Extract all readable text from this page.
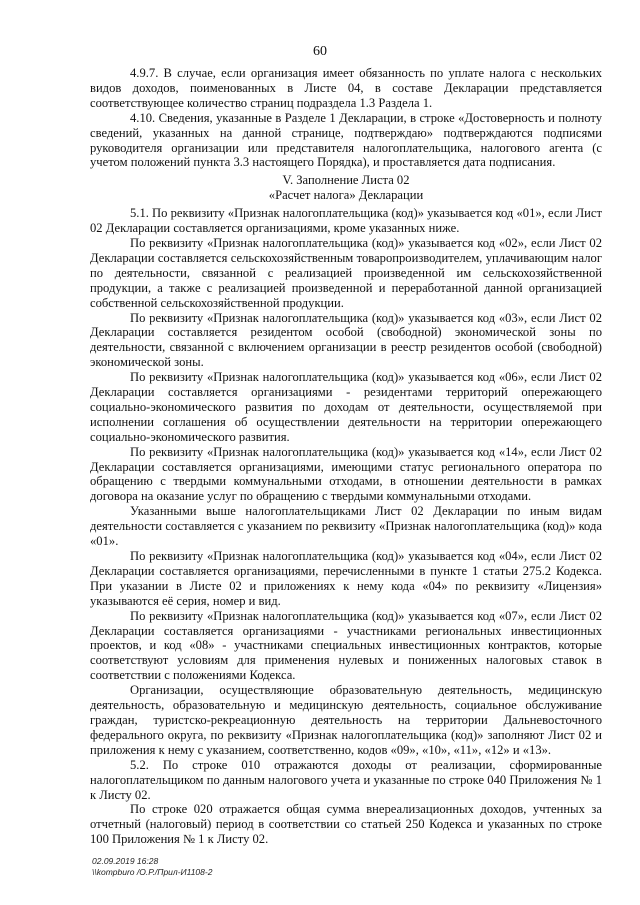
60

4.9.7. В случае, если организация имеет обязанность по уплате налога с нескольких видов доходов, поименованных в Листе 04, в составе Декларации представляется соответствующее количество страниц подраздела 1.3 Раздела 1.

4.10. Сведения, указанные в Разделе 1 Декларации, в строке «Достоверность и полноту сведений, указанных на данной странице, подтверждаю» подтверждаются подписями руководителя организации или представителя налогоплательщика, налогового агента (с учетом положений пункта 3.3 настоящего Порядка), и проставляется дата подписания.

V. Заполнение Листа 02

«Расчет налога» Декларации

5.1. По реквизиту «Признак налогоплательщика (код)» указывается код «01», если Лист 02 Декларации составляется организациями, кроме указанных ниже.

По реквизиту «Признак налогоплательщика (код)» указывается код «02», если Лист 02 Декларации составляется сельскохозяйственным товаропроизводителем, уплачивающим налог по деятельности, связанной с реализацией произведенной им сельскохозяйственной продукции, а также с реализацией произведенной и переработанной данной организацией собственной сельскохозяйственной продукции.

По реквизиту «Признак налогоплательщика (код)» указывается код «03», если Лист 02 Декларации составляется резидентом особой (свободной) экономической зоны по деятельности, связанной с включением организации в реестр резидентов особой (свободной) экономической зоны.

По реквизиту «Признак налогоплательщика (код)» указывается код «06», если Лист 02 Декларации составляется организациями - резидентами территорий опережающего социально-экономического развития по доходам от деятельности, осуществляемой при исполнении соглашения об осуществлении деятельности на территории опережающего социально-экономического развития.

По реквизиту «Признак налогоплательщика (код)» указывается код «14», если Лист 02 Декларации составляется организациями, имеющими статус регионального оператора по обращению с твердыми коммунальными отходами, в отношении деятельности в рамках договора на оказание услуг по обращению с твердыми коммунальными отходами.

Указанными выше налогоплательщиками Лист 02 Декларации по иным видам деятельности составляется с указанием по реквизиту «Признак налогоплательщика (код)» кода «01».

По реквизиту «Признак налогоплательщика (код)» указывается код «04», если Лист 02 Декларации составляется организациями, перечисленными в пункте 1 статьи 275.2 Кодекса. При указании в Листе 02 и приложениях к нему кода «04» по реквизиту «Лицензия» указываются её серия, номер и вид.

По реквизиту «Признак налогоплательщика (код)» указывается код «07», если Лист 02 Декларации составляется организациями - участниками региональных инвестиционных проектов, и код «08» - участниками специальных инвестиционных контрактов, которые соответствуют условиям для применения нулевых и пониженных налоговых ставок в соответствии с положениями Кодекса.

Организации, осуществляющие образовательную деятельность, медицинскую деятельность, образовательную и медицинскую деятельность, социальное обслуживание граждан, туристско-рекреационную деятельность на территории Дальневосточного федерального округа, по реквизиту «Признак налогоплательщика (код)» заполняют Лист 02 и приложения к нему с указанием, соответственно, кодов «09», «10», «11», «12» и «13».

5.2. По строке 010 отражаются доходы от реализации, сформированные налогоплательщиком по данным налогового учета и указанные по строке 040 Приложения № 1 к Листу 02.

По строке 020 отражается общая сумма внереализационных доходов, учтенных за отчетный (налоговый) период в соответствии со статьей 250 Кодекса и указанных по строке 100 Приложения № 1 к Листу 02.

02.09.2019 16:28
\\kompburo /О.Р./Прил-И1108-2
